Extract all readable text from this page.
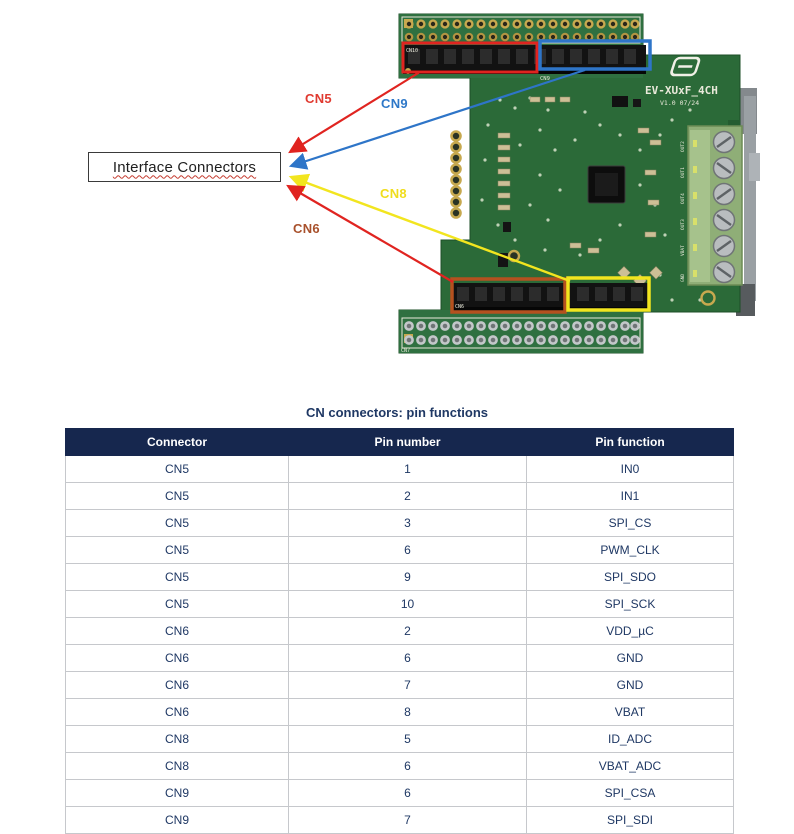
CN10
CN9
EV-XUxF_4CH
V1.0 07/24
OUT2
OUT1
OUT4
OUT3
VBAT
GND
CN6
CN7
Interface Connectors
CN5	CN9
CN8
CN6
CN connectors: pin functions
Connector	Pin number	Pin function
CN5	1	IN0
CN5	2	IN1
CN5	3	SPI_CS
CN5	6	PWM_CLK
CN5	9	SPI_SDO
CN5	10	SPI_SCK
CN6	2	VDD_µC
CN6	6	GND
CN6	7	GND
CN6	8	VBAT
CN8	5	ID_ADC
CN8	6	VBAT_ADC
CN9	6	SPI_CSA
CN9	7	SPI_SDI
